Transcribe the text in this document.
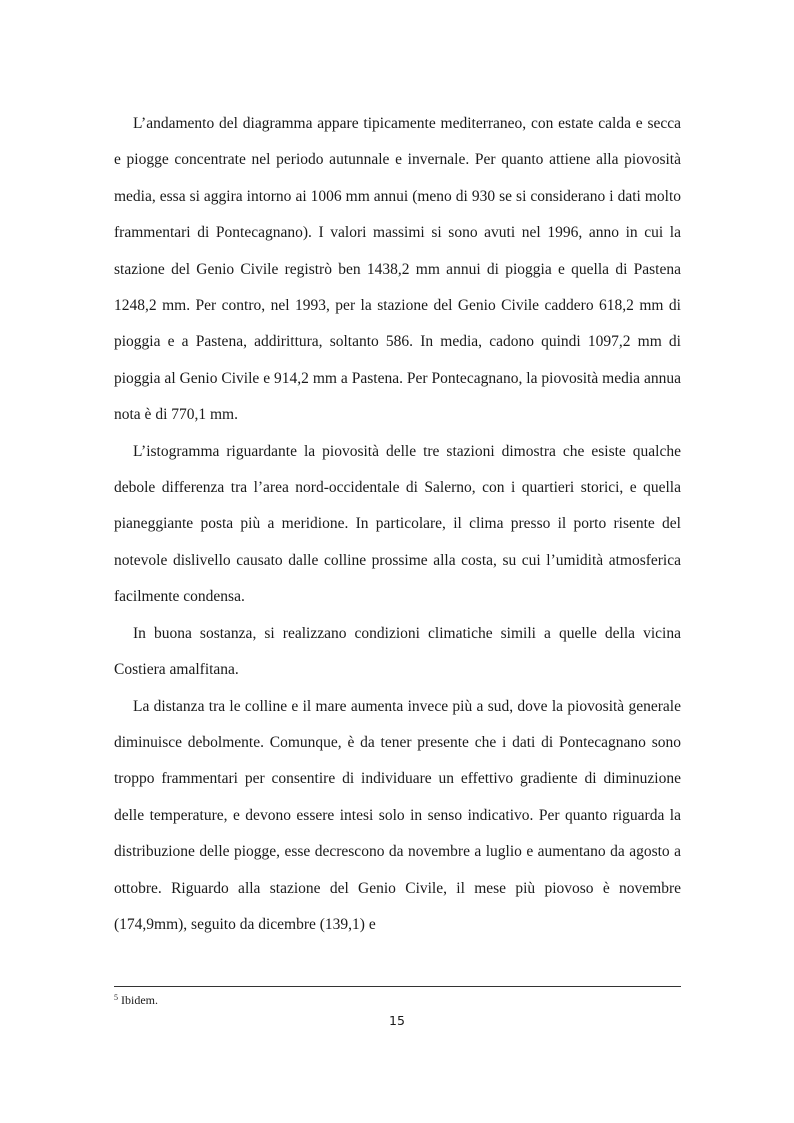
L’andamento del diagramma appare tipicamente mediterraneo, con estate calda e secca e piogge concentrate nel periodo autunnale e invernale. Per quanto attiene alla piovosità media, essa si aggira intorno ai 1006 mm annui (meno di 930 se si considerano i dati molto frammentari di Pontecagnano). I valori massimi si sono avuti nel 1996, anno in cui la stazione del Genio Civile registrò ben 1438,2 mm annui di pioggia e quella di Pastena 1248,2 mm. Per contro, nel 1993, per la stazione del Genio Civile caddero 618,2 mm di pioggia e a Pastena, addirittura, soltanto 586. In media, cadono quindi 1097,2 mm di pioggia al Genio Civile e 914,2 mm a Pastena. Per Pontecagnano, la piovosità media annua nota è di 770,1 mm.

L’istogramma riguardante la piovosità delle tre stazioni dimostra che esiste qualche debole differenza tra l’area nord-occidentale di Salerno, con i quartieri storici, e quella pianeggiante posta più a meridione. In particolare, il clima presso il porto risente del notevole dislivello causato dalle colline prossime alla costa, su cui l’umidità atmosferica facilmente condensa.

In buona sostanza, si realizzano condizioni climatiche simili a quelle della vicina Costiera amalfitana.

La distanza tra le colline e il mare aumenta invece più a sud, dove la piovosità generale diminuisce debolmente. Comunque, è da tener presente che i dati di Pontecagnano sono troppo frammentari per consentire di individuare un effettivo gradiente di diminuzione delle temperature, e devono essere intesi solo in senso indicativo. Per quanto riguarda la distribuzione delle piogge, esse decrescono da novembre a luglio e aumentano da agosto a ottobre. Riguardo alla stazione del Genio Civile, il mese più piovoso è novembre (174,9mm), seguito da dicembre (139,1) e

$^5$ Ibidem.
15
